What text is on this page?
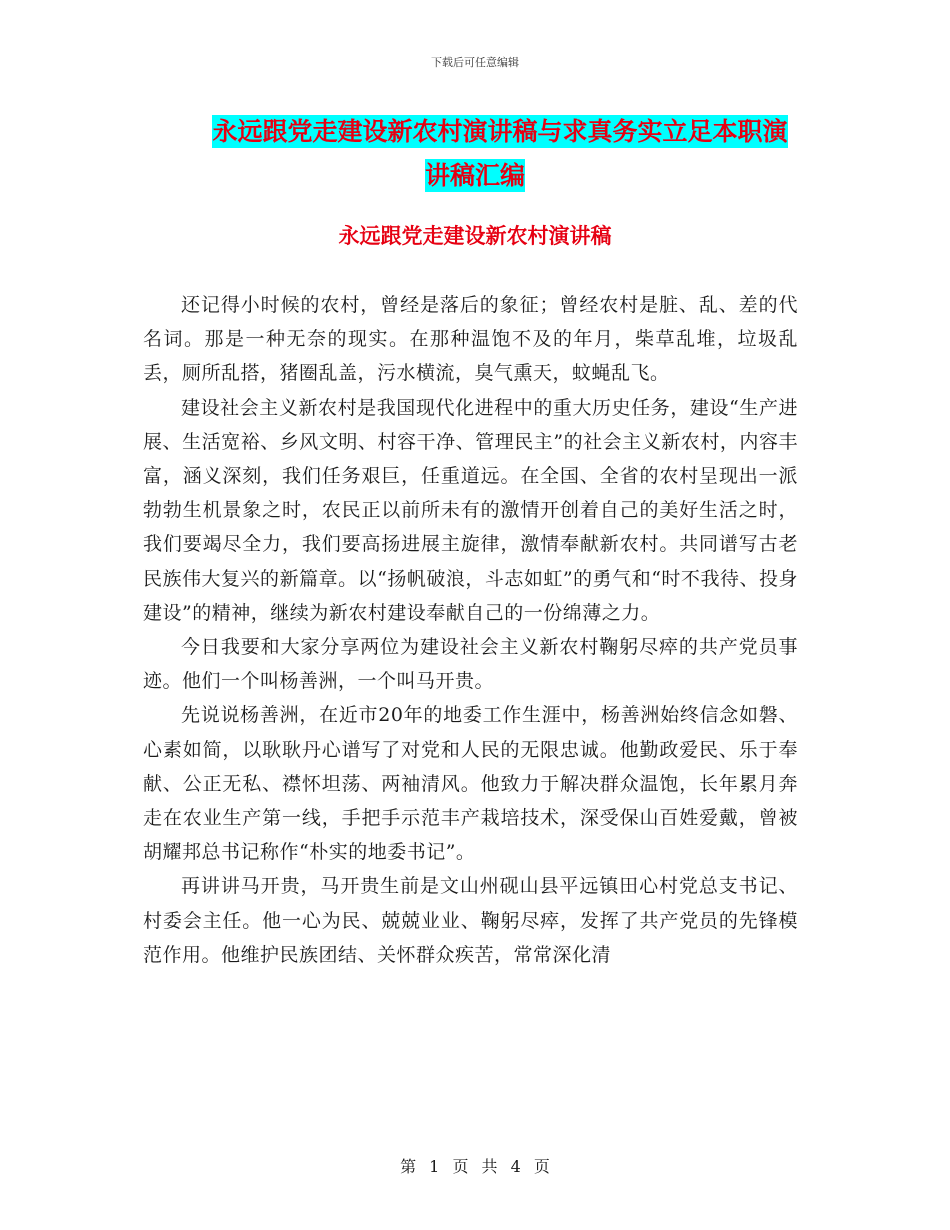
下载后可任意编辑
永远跟党走建设新农村演讲稿与求真务实立足本职演
讲稿汇编
永远跟党走建设新农村演讲稿

还记得小时候的农村，曾经是落后的象征；曾经农村是脏、乱、差的代名词。那是一种无奈的现实。在那种温饱不及的年月，柴草乱堆，垃圾乱丢，厕所乱搭，猪圈乱盖，污水横流，臭气熏天，蚊蝇乱飞。

建设社会主义新农村是我国现代化进程中的重大历史任务，建设“生产进展、生活宽裕、乡风文明、村容干净、管理民主”的社会主义新农村，内容丰富，涵义深刻，我们任务艰巨，任重道远。在全国、全省的农村呈现出一派勃勃生机景象之时，农民正以前所未有的激情开创着自己的美好生活之时，我们要竭尽全力，我们要高扬进展主旋律，激情奉献新农村。共同谱写古老民族伟大复兴的新篇章。以“扬帆破浪，斗志如虹”的勇气和“时不我待、投身建设”的精神，继续为新农村建设奉献自己的一份绵薄之力。

今日我要和大家分享两位为建设社会主义新农村鞠躬尽瘁的共产党员事迹。他们一个叫杨善洲，一个叫马开贵。

先说说杨善洲，在近市20年的地委工作生涯中，杨善洲始终信念如磐、心素如简，以耿耿丹心谱写了对党和人民的无限忠诚。他勤政爱民、乐于奉献、公正无私、襟怀坦荡、两袖清风。他致力于解决群众温饱，长年累月奔走在农业生产第一线，手把手示范丰产栽培技术，深受保山百姓爱戴，曾被胡耀邦总书记称作“朴实的地委书记”。

再讲讲马开贵，马开贵生前是文山州砚山县平远镇田心村党总支书记、村委会主任。他一心为民、兢兢业业、鞠躬尽瘁，发挥了共产党员的先锋模范作用。他维护民族团结、关怀群众疾苦，常常深化清

第 1 页 共 4 页
